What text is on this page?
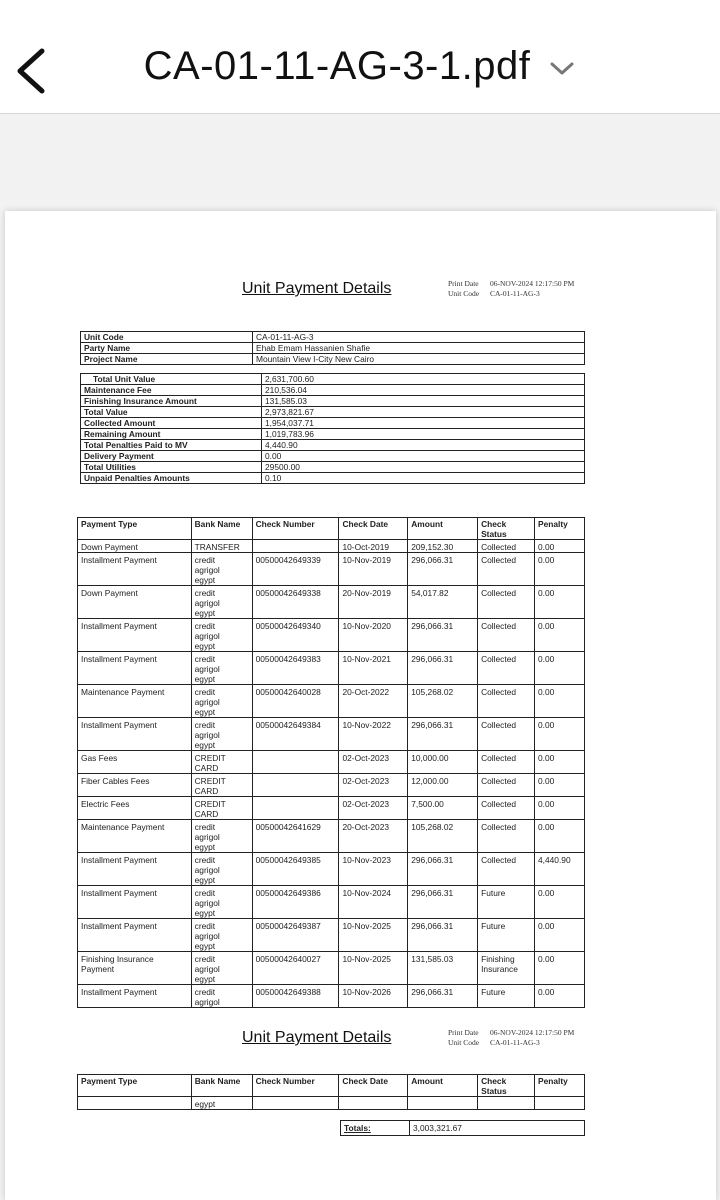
CA-01-11-AG-3-1.pdf
Unit Payment Details	Print Date 06-NOV-2024 12:17:50 PM
Unit Code CA-01-11-AG-3
Unit Code	CA-01-11-AG-3
Party Name	Ehab Emam Hassanien Shafie
Project Name	Mountain View I-City New Cairo
Total Unit Value	2,631,700.60
Maintenance Fee	210,536.04
Finishing Insurance Amount	131,585.03
Total Value	2,973,821.67
Collected Amount	1,954,037.71
Remaining Amount	1,019,783.96
Total Penalties Paid to MV	4,440.90
Delivery Payment	0.00
Total Utilities	29500.00
Unpaid Penalties Amounts	0.10
Payment Type	Bank Name	Check Number	Check Date	Amount	Check Status	Penalty
Down Payment	TRANSFER		10-Oct-2019	209,152.30	Collected	0.00
Installment Payment	credit agrigol egypt	00500042649339	10-Nov-2019	296,066.31	Collected	0.00
Down Payment	credit agrigol egypt	00500042649338	20-Nov-2019	54,017.82	Collected	0.00
Installment Payment	credit agrigol egypt	00500042649340	10-Nov-2020	296,066.31	Collected	0.00
Installment Payment	credit agrigol egypt	00500042649383	10-Nov-2021	296,066.31	Collected	0.00
Maintenance Payment	credit agrigol egypt	00500042640028	20-Oct-2022	105,268.02	Collected	0.00
Installment Payment	credit agrigol egypt	00500042649384	10-Nov-2022	296,066.31	Collected	0.00
Gas Fees	CREDIT CARD		02-Oct-2023	10,000.00	Collected	0.00
Fiber Cables Fees	CREDIT CARD		02-Oct-2023	12,000.00	Collected	0.00
Electric Fees	CREDIT CARD		02-Oct-2023	7,500.00	Collected	0.00
Maintenance Payment	credit agrigol egypt	00500042641629	20-Oct-2023	105,268.02	Collected	0.00
Installment Payment	credit agrigol egypt	00500042649385	10-Nov-2023	296,066.31	Collected	4,440.90
Installment Payment	credit agrigol egypt	00500042649386	10-Nov-2024	296,066.31	Future	0.00
Installment Payment	credit agrigol egypt	00500042649387	10-Nov-2025	296,066.31	Future	0.00
Finishing Insurance Payment	credit agrigol egypt	00500042640027	10-Nov-2025	131,585.03	Finishing Insurance	0.00
Installment Payment	credit agrigol	00500042649388	10-Nov-2026	296,066.31	Future	0.00
Unit Payment Details	Print Date 06-NOV-2024 12:17:50 PM
Unit Code CA-01-11-AG-3
Payment Type	Bank Name	Check Number	Check Date	Amount	Check Status	Penalty
	egypt					
Totals:	3,003,321.67
